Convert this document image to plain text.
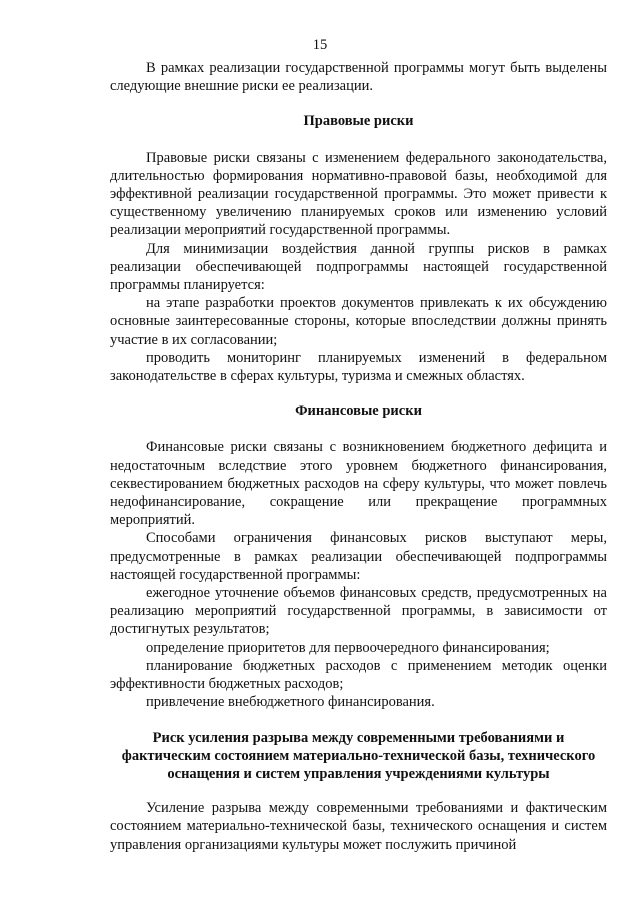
15

В рамках реализации государственной программы могут быть выделены следующие внешние риски ее реализации.

Правовые риски

Правовые риски связаны с изменением федерального законодательства, длительностью формирования нормативно-правовой базы, необходимой для эффективной реализации государственной программы. Это может привести к существенному увеличению планируемых сроков или изменению условий реализации мероприятий государственной программы.

Для минимизации воздействия данной группы рисков в рамках реализации обеспечивающей подпрограммы настоящей государственной программы планируется:

на этапе разработки проектов документов привлекать к их обсуждению основные заинтересованные стороны, которые впоследствии должны принять участие в их согласовании;

проводить мониторинг планируемых изменений в федеральном законодательстве в сферах культуры, туризма и смежных областях.

Финансовые риски

Финансовые риски связаны с возникновением бюджетного дефицита и недостаточным вследствие этого уровнем бюджетного финансирования, секвестированием бюджетных расходов на сферу культуры, что может повлечь недофинансирование, сокращение или прекращение программных мероприятий.

Способами ограничения финансовых рисков выступают меры, предусмотренные в рамках реализации обеспечивающей подпрограммы настоящей государственной программы:

ежегодное уточнение объемов финансовых средств, предусмотренных на реализацию мероприятий государственной программы, в зависимости от достигнутых результатов;

определение приоритетов для первоочередного финансирования;

планирование бюджетных расходов с применением методик оценки эффективности бюджетных расходов;

привлечение внебюджетного финансирования.

Риск усиления разрыва между современными требованиями и фактическим состоянием материально-технической базы, технического оснащения и систем управления учреждениями культуры

Усиление разрыва между современными требованиями и фактическим состоянием материально-технической базы, технического оснащения и систем управления организациями культуры может послужить причиной
